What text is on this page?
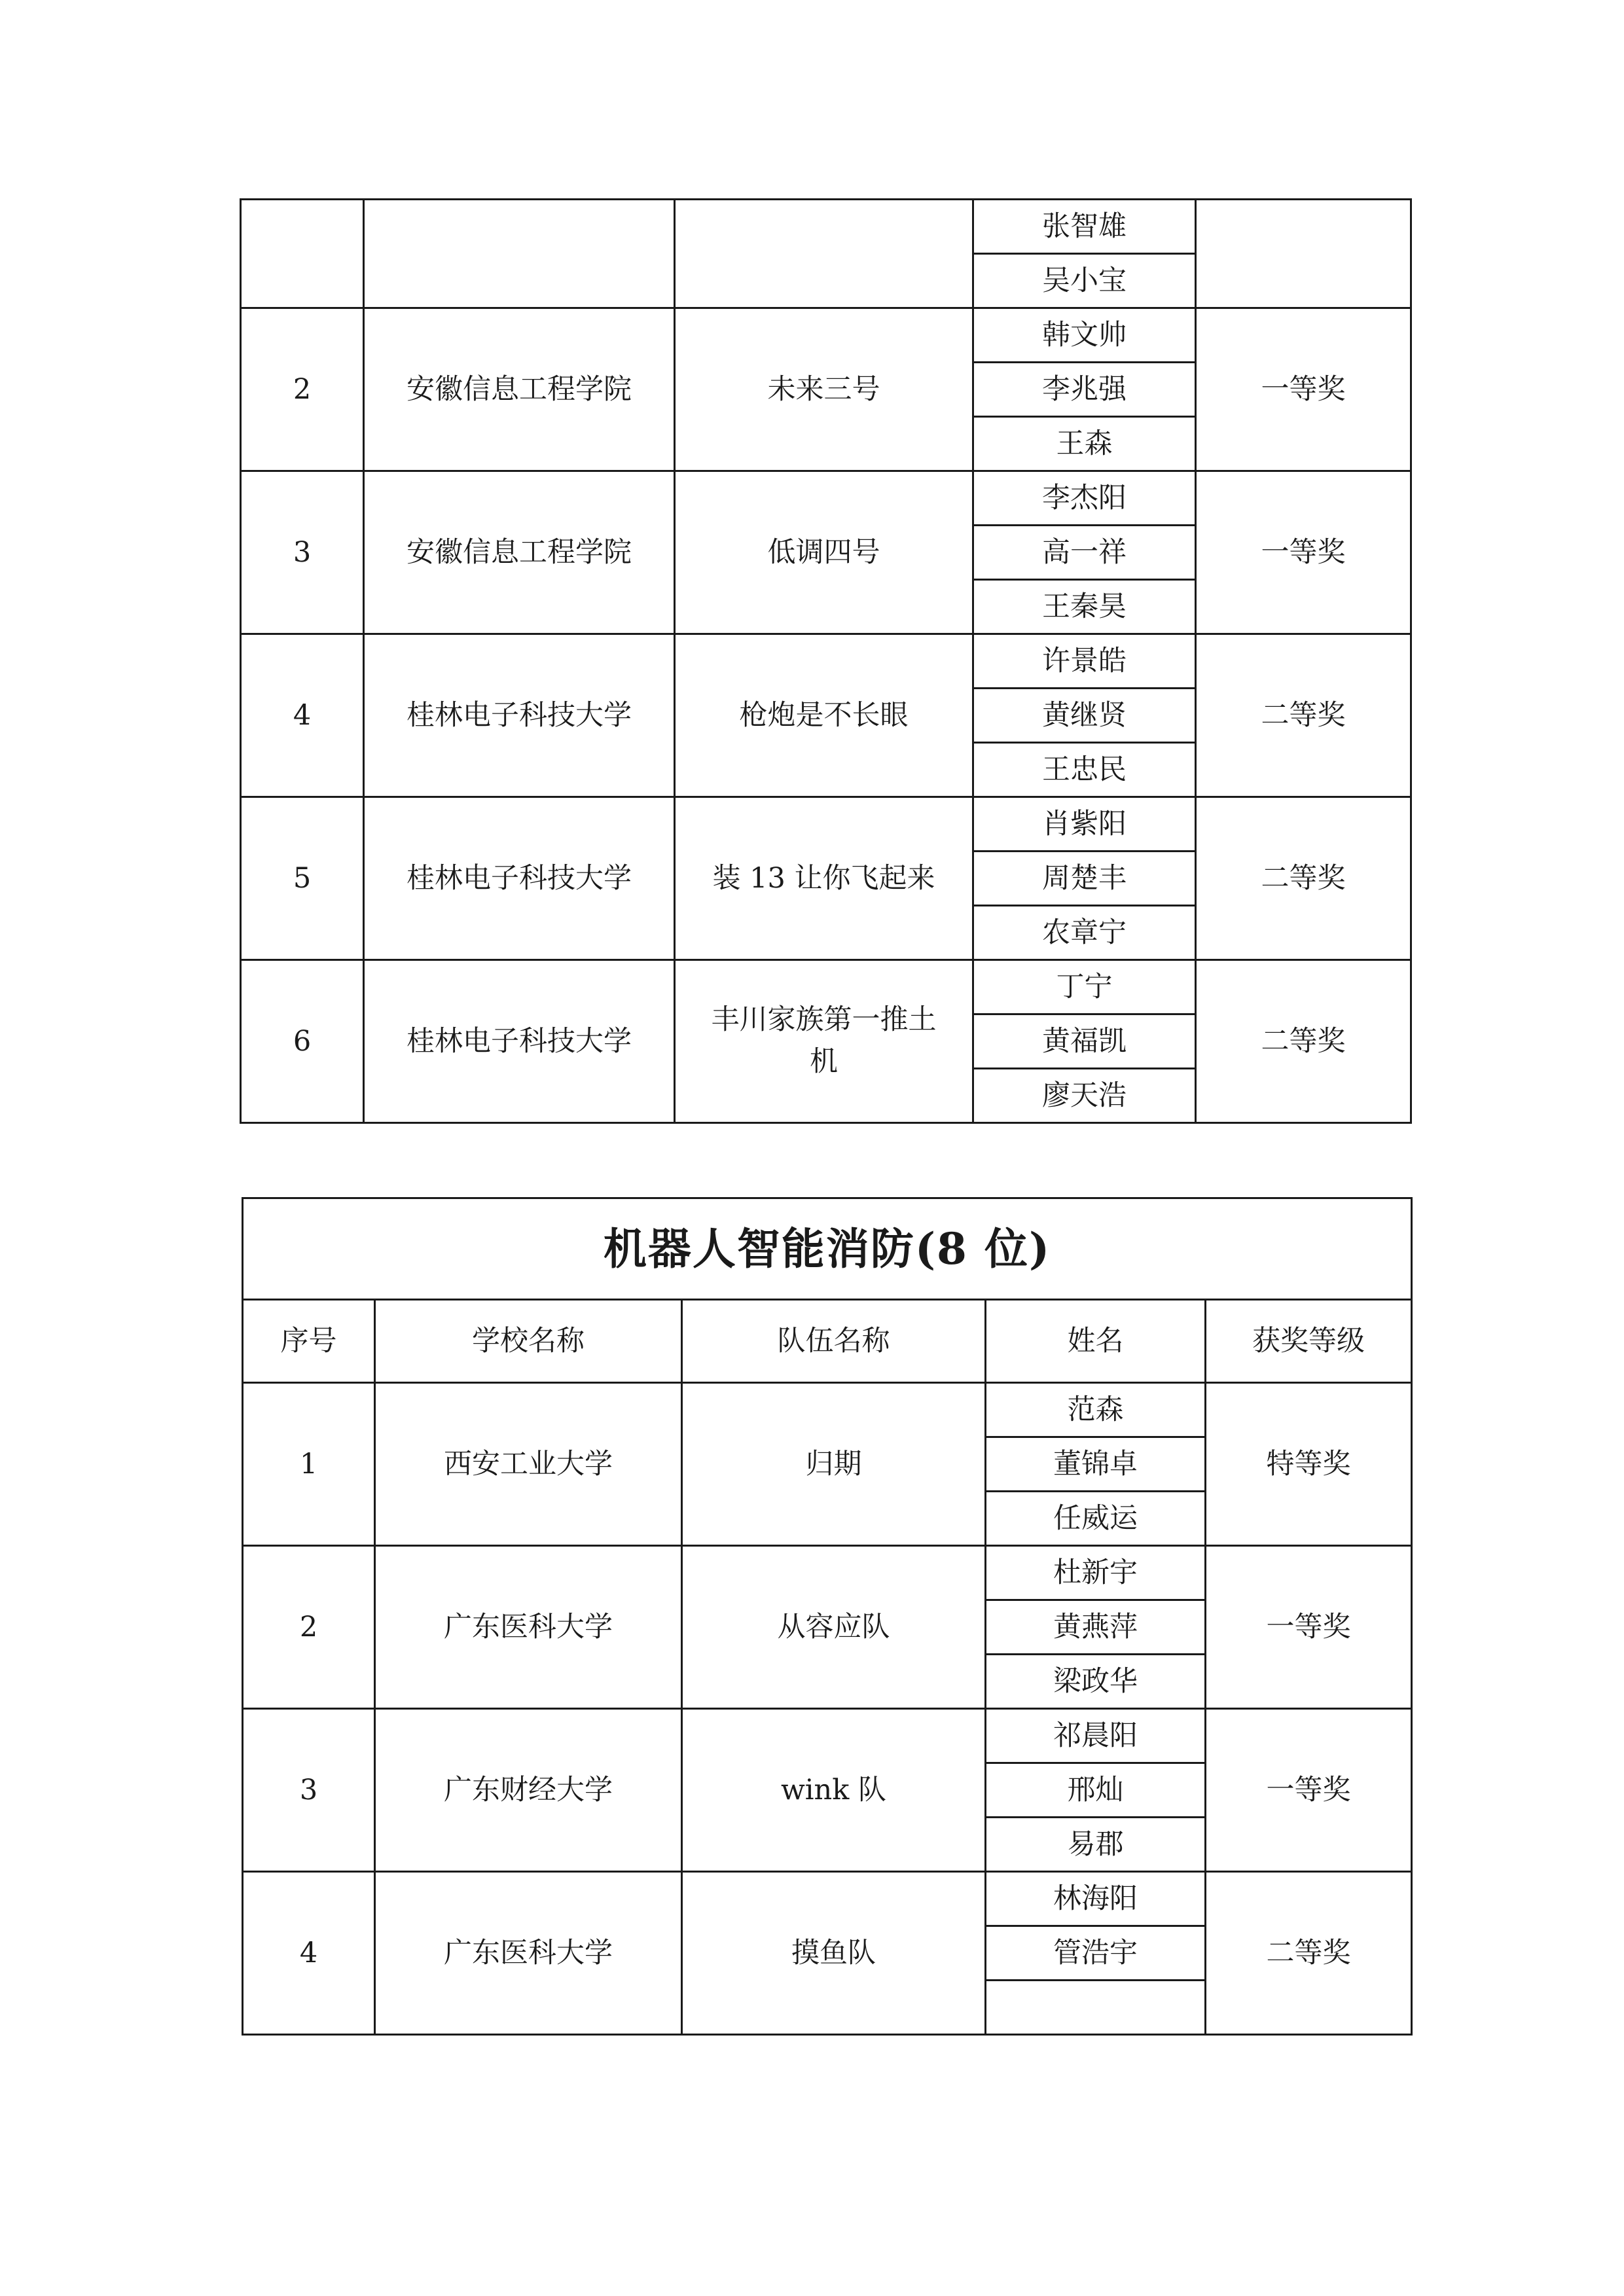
			张智雄	
			吴小宝	
2	安徽信息工程学院	未来三号	韩文帅	一等奖
			李兆强	
			王森	
3	安徽信息工程学院	低调四号	李杰阳	一等奖
			高一祥	
			王秦昊	
4	桂林电子科技大学	枪炮是不长眼	许景皓	二等奖
			黄继贤	
			王忠民	
5	桂林电子科技大学	装 13 让你飞起来	肖紫阳	二等奖
			周楚丰	
			农章宁	
6	桂林电子科技大学	丰川家族第一推土机	丁宁	二等奖
			黄福凯	
			廖天浩	
机器人智能消防(8 位)				
序号	学校名称	队伍名称	姓名	获奖等级
1	西安工业大学	归期	范森	特等奖
			董锦卓	
			任威运	
2	广东医科大学	从容应队	杜新宇	一等奖
			黄燕萍	
			梁政华	
3	广东财经大学	wink 队	祁晨阳	一等奖
			邢灿	
			易郡	
4	广东医科大学	摸鱼队	林海阳	二等奖
			管浩宇	
